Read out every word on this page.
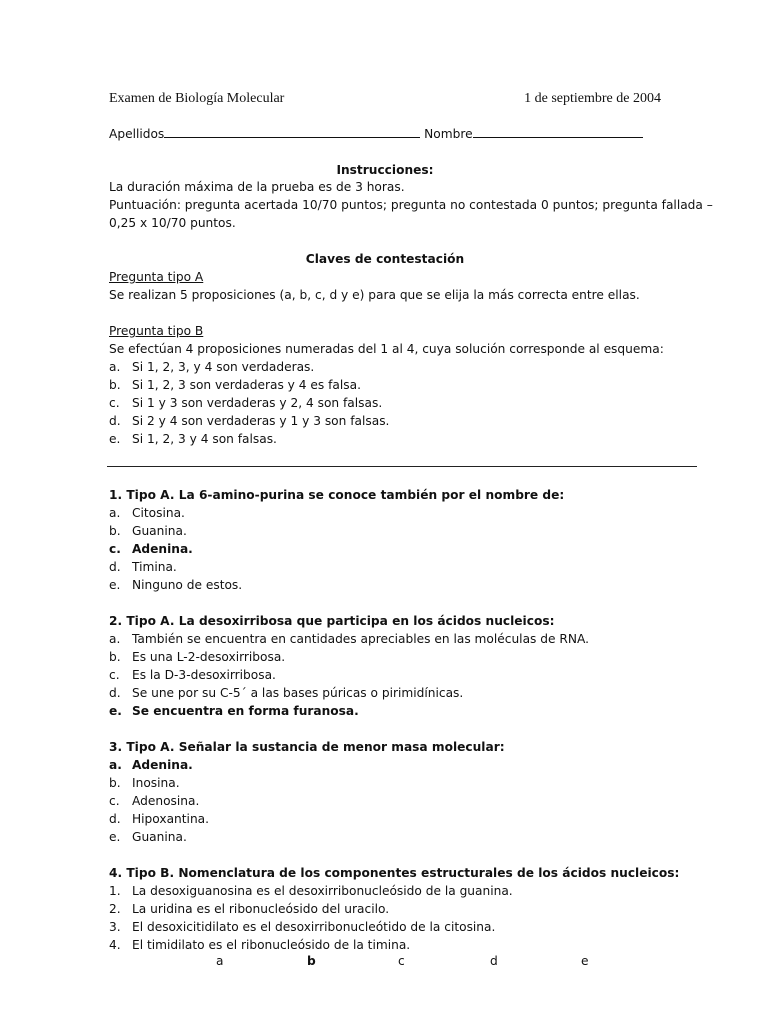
Examen de Biología Molecular	1 de septiembre de 2004
Apellidos	Nombre
Instrucciones:
La duración máxima de la prueba es de 3 horas.
Puntuación: pregunta acertada 10/70 puntos; pregunta no contestada 0 puntos; pregunta fallada –
0,25 x 10/70 puntos.
Claves de contestación
Pregunta tipo A
Se realizan 5 proposiciones (a, b, c, d y e) para que se elija la más correcta entre ellas.
Pregunta tipo B
Se efectúan 4 proposiciones numeradas del 1 al 4, cuya solución corresponde al esquema:
a. Si 1, 2, 3, y 4 son verdaderas.
b. Si 1, 2, 3 son verdaderas y 4 es falsa.
c. Si 1 y 3 son verdaderas y 2, 4 son falsas.
d. Si 2 y 4 son verdaderas y 1 y 3 son falsas.
e. Si 1, 2, 3 y 4 son falsas.
1. Tipo A. La 6-amino-purina se conoce también por el nombre de:
a. Citosina.
b. Guanina.
c. Adenina.
d. Timina.
e. Ninguno de estos.
2. Tipo A. La desoxirribosa que participa en los ácidos nucleicos:
a. También se encuentra en cantidades apreciables en las moléculas de RNA.
b. Es una L-2-desoxirribosa.
c. Es la D-3-desoxirribosa.
d. Se une por su C-5´ a las bases púricas o pirimidínicas.
e. Se encuentra en forma furanosa.
3. Tipo A. Señalar la sustancia de menor masa molecular:
a. Adenina.
b. Inosina.
c. Adenosina.
d. Hipoxantina.
e. Guanina.
4. Tipo B. Nomenclatura de los componentes estructurales de los ácidos nucleicos:
1. La desoxiguanosina es el desoxirribonucleósido de la guanina.
2. La uridina es el ribonucleósido del uracilo.
3. El desoxicitidilato es el desoxirribonucleótido de la citosina.
4. El timidilato es el ribonucleósido de la timina.
a	b	c	d	e
